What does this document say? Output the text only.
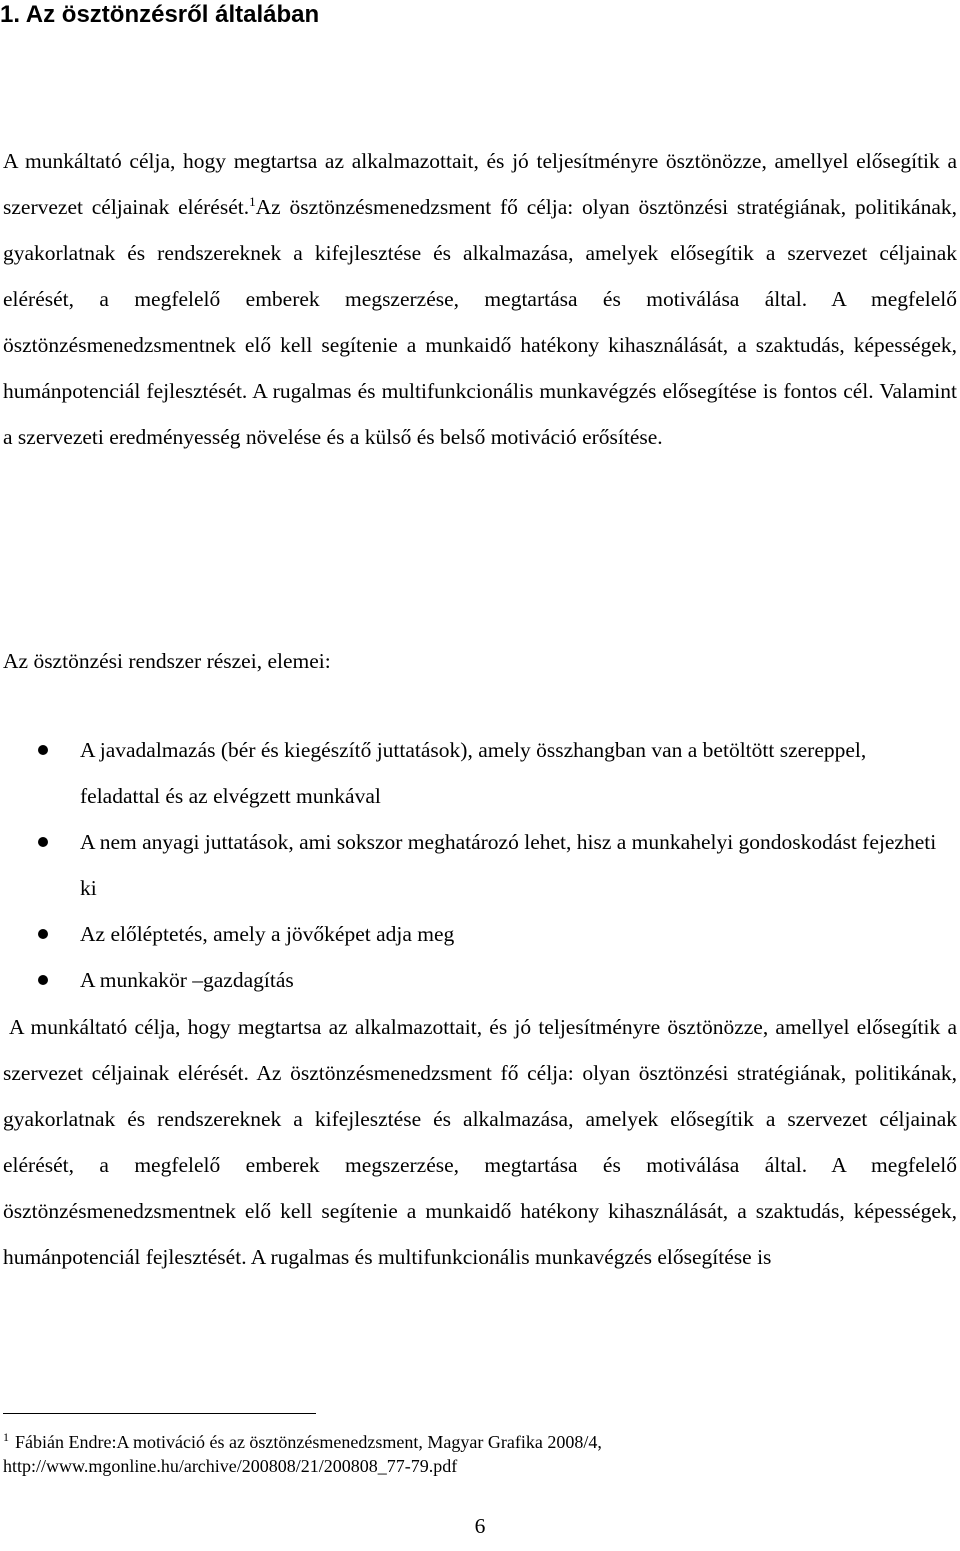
1. Az ösztönzésről általában

A munkáltató célja, hogy megtartsa az alkalmazottait, és jó teljesítményre ösztönözze, amellyel elősegítik a szervezet céljainak elérését.$^1$Az ösztönzésmenedzsment fő célja: olyan ösztönzési stratégiának, politikának, gyakorlatnak és rendszereknek a kifejlesztése és alkalmazása, amelyek elősegítik a szervezet céljainak elérését, a megfelelő emberek megszerzése, megtartása és motiválása által. A megfelelő ösztönzésmenedzsmentnek elő kell segítenie a munkaidő hatékony kihasználását, a szaktudás, képességek, humánpotenciál fejlesztését. A rugalmas és multifunkcionális munkavégzés elősegítése is fontos cél. Valamint a szervezeti eredményesség növelése és a külső és belső motiváció erősítése.

Az ösztönzési rendszer részei, elemei:

A javadalmazás (bér és kiegészítő juttatások), amely összhangban van a betöltött szereppel, feladattal és az elvégzett munkával
A nem anyagi juttatások, ami sokszor meghatározó lehet, hisz a munkahelyi gondoskodást fejezheti ki
Az előléptetés, amely a jövőképet adja meg
A munkakör –gazdagítás

A munkáltató célja, hogy megtartsa az alkalmazottait, és jó teljesítményre ösztönözze, amellyel elősegítik a szervezet céljainak elérését. Az ösztönzésmenedzsment fő célja: olyan ösztönzési stratégiának, politikának, gyakorlatnak és rendszereknek a kifejlesztése és alkalmazása, amelyek elősegítik a szervezet céljainak elérését, a megfelelő emberek megszerzése, megtartása és motiválása által. A megfelelő ösztönzésmenedzsmentnek elő kell segítenie a munkaidő hatékony kihasználását, a szaktudás, képességek, humánpotenciál fejlesztését. A rugalmas és multifunkcionális munkavégzés elősegítése is

$^1$ Fábián Endre:A motiváció és az ösztönzésmenedzsment, Magyar Grafika 2008/4,
http://www.mgonline.hu/archive/200808/21/200808_77-79.pdf

6
